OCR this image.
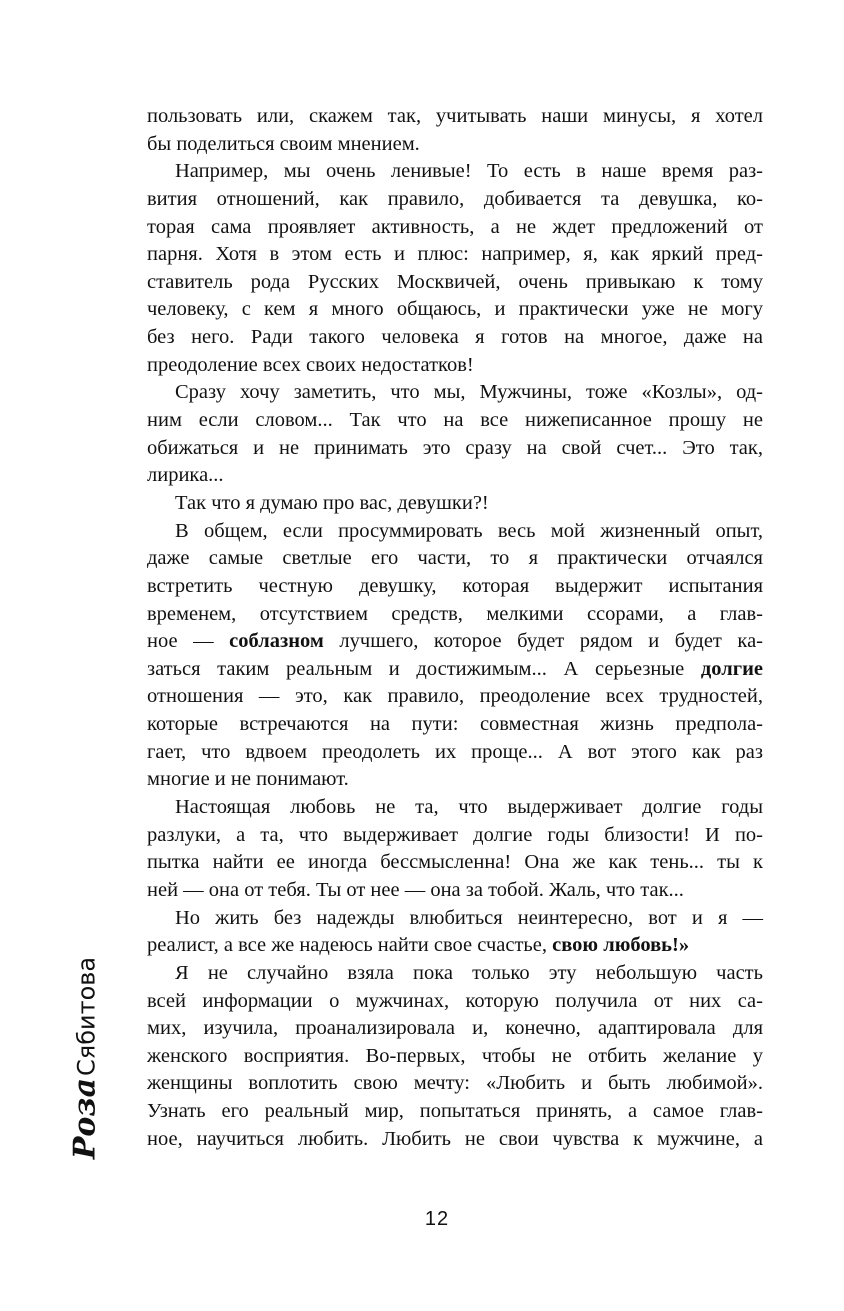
пользовать или, скажем так, учитывать наши минусы, я хотел
бы поделиться своим мнением.
Например, мы очень ленивые! То есть в наше время раз-
вития отношений, как правило, добивается та девушка, ко-
торая сама проявляет активность, а не ждет предложений от
парня. Хотя в этом есть и плюс: например, я, как яркий пред-
ставитель рода Русских Москвичей, очень привыкаю к тому
человеку, с кем я много общаюсь, и практически уже не могу
без него. Ради такого человека я готов на многое, даже на
преодоление всех своих недостатков!
Сразу хочу заметить, что мы, Мужчины, тоже «Козлы», од-
ним если словом... Так что на все нижеписанное прошу не
обижаться и не принимать это сразу на свой счет... Это так,
лирика...
Так что я думаю про вас, девушки?!
В общем, если просуммировать весь мой жизненный опыт,
даже самые светлые его части, то я практически отчаялся
встретить честную девушку, которая выдержит испытания
временем, отсутствием средств, мелкими ссорами, а глав-
ное — соблазном лучшего, которое будет рядом и будет ка-
заться таким реальным и достижимым... А серьезные долгие
отношения — это, как правило, преодоление всех трудностей,
которые встречаются на пути: совместная жизнь предпола-
гает, что вдвоем преодолеть их проще... А вот этого как раз
многие и не понимают.
Настоящая любовь не та, что выдерживает долгие годы
разлуки, а та, что выдерживает долгие годы близости! И по-
пытка найти ее иногда бессмысленна! Она же как тень... ты к
ней — она от тебя. Ты от нее — она за тобой. Жаль, что так...
Но жить без надежды влюбиться неинтересно, вот и я —
реалист, а все же надеюсь найти свое счастье, свою любовь!»
Я не случайно взяла пока только эту небольшую часть
всей информации о мужчинах, которую получила от них са-
мих, изучила, проанализировала и, конечно, адаптировала для
женского восприятия. Во-первых, чтобы не отбить желание у
женщины воплотить свою мечту: «Любить и быть любимой».
Узнать его реальный мир, попытаться принять, а самое глав-
ное, научиться любить. Любить не свои чувства к мужчине, а
Роза
Сябитова
12
